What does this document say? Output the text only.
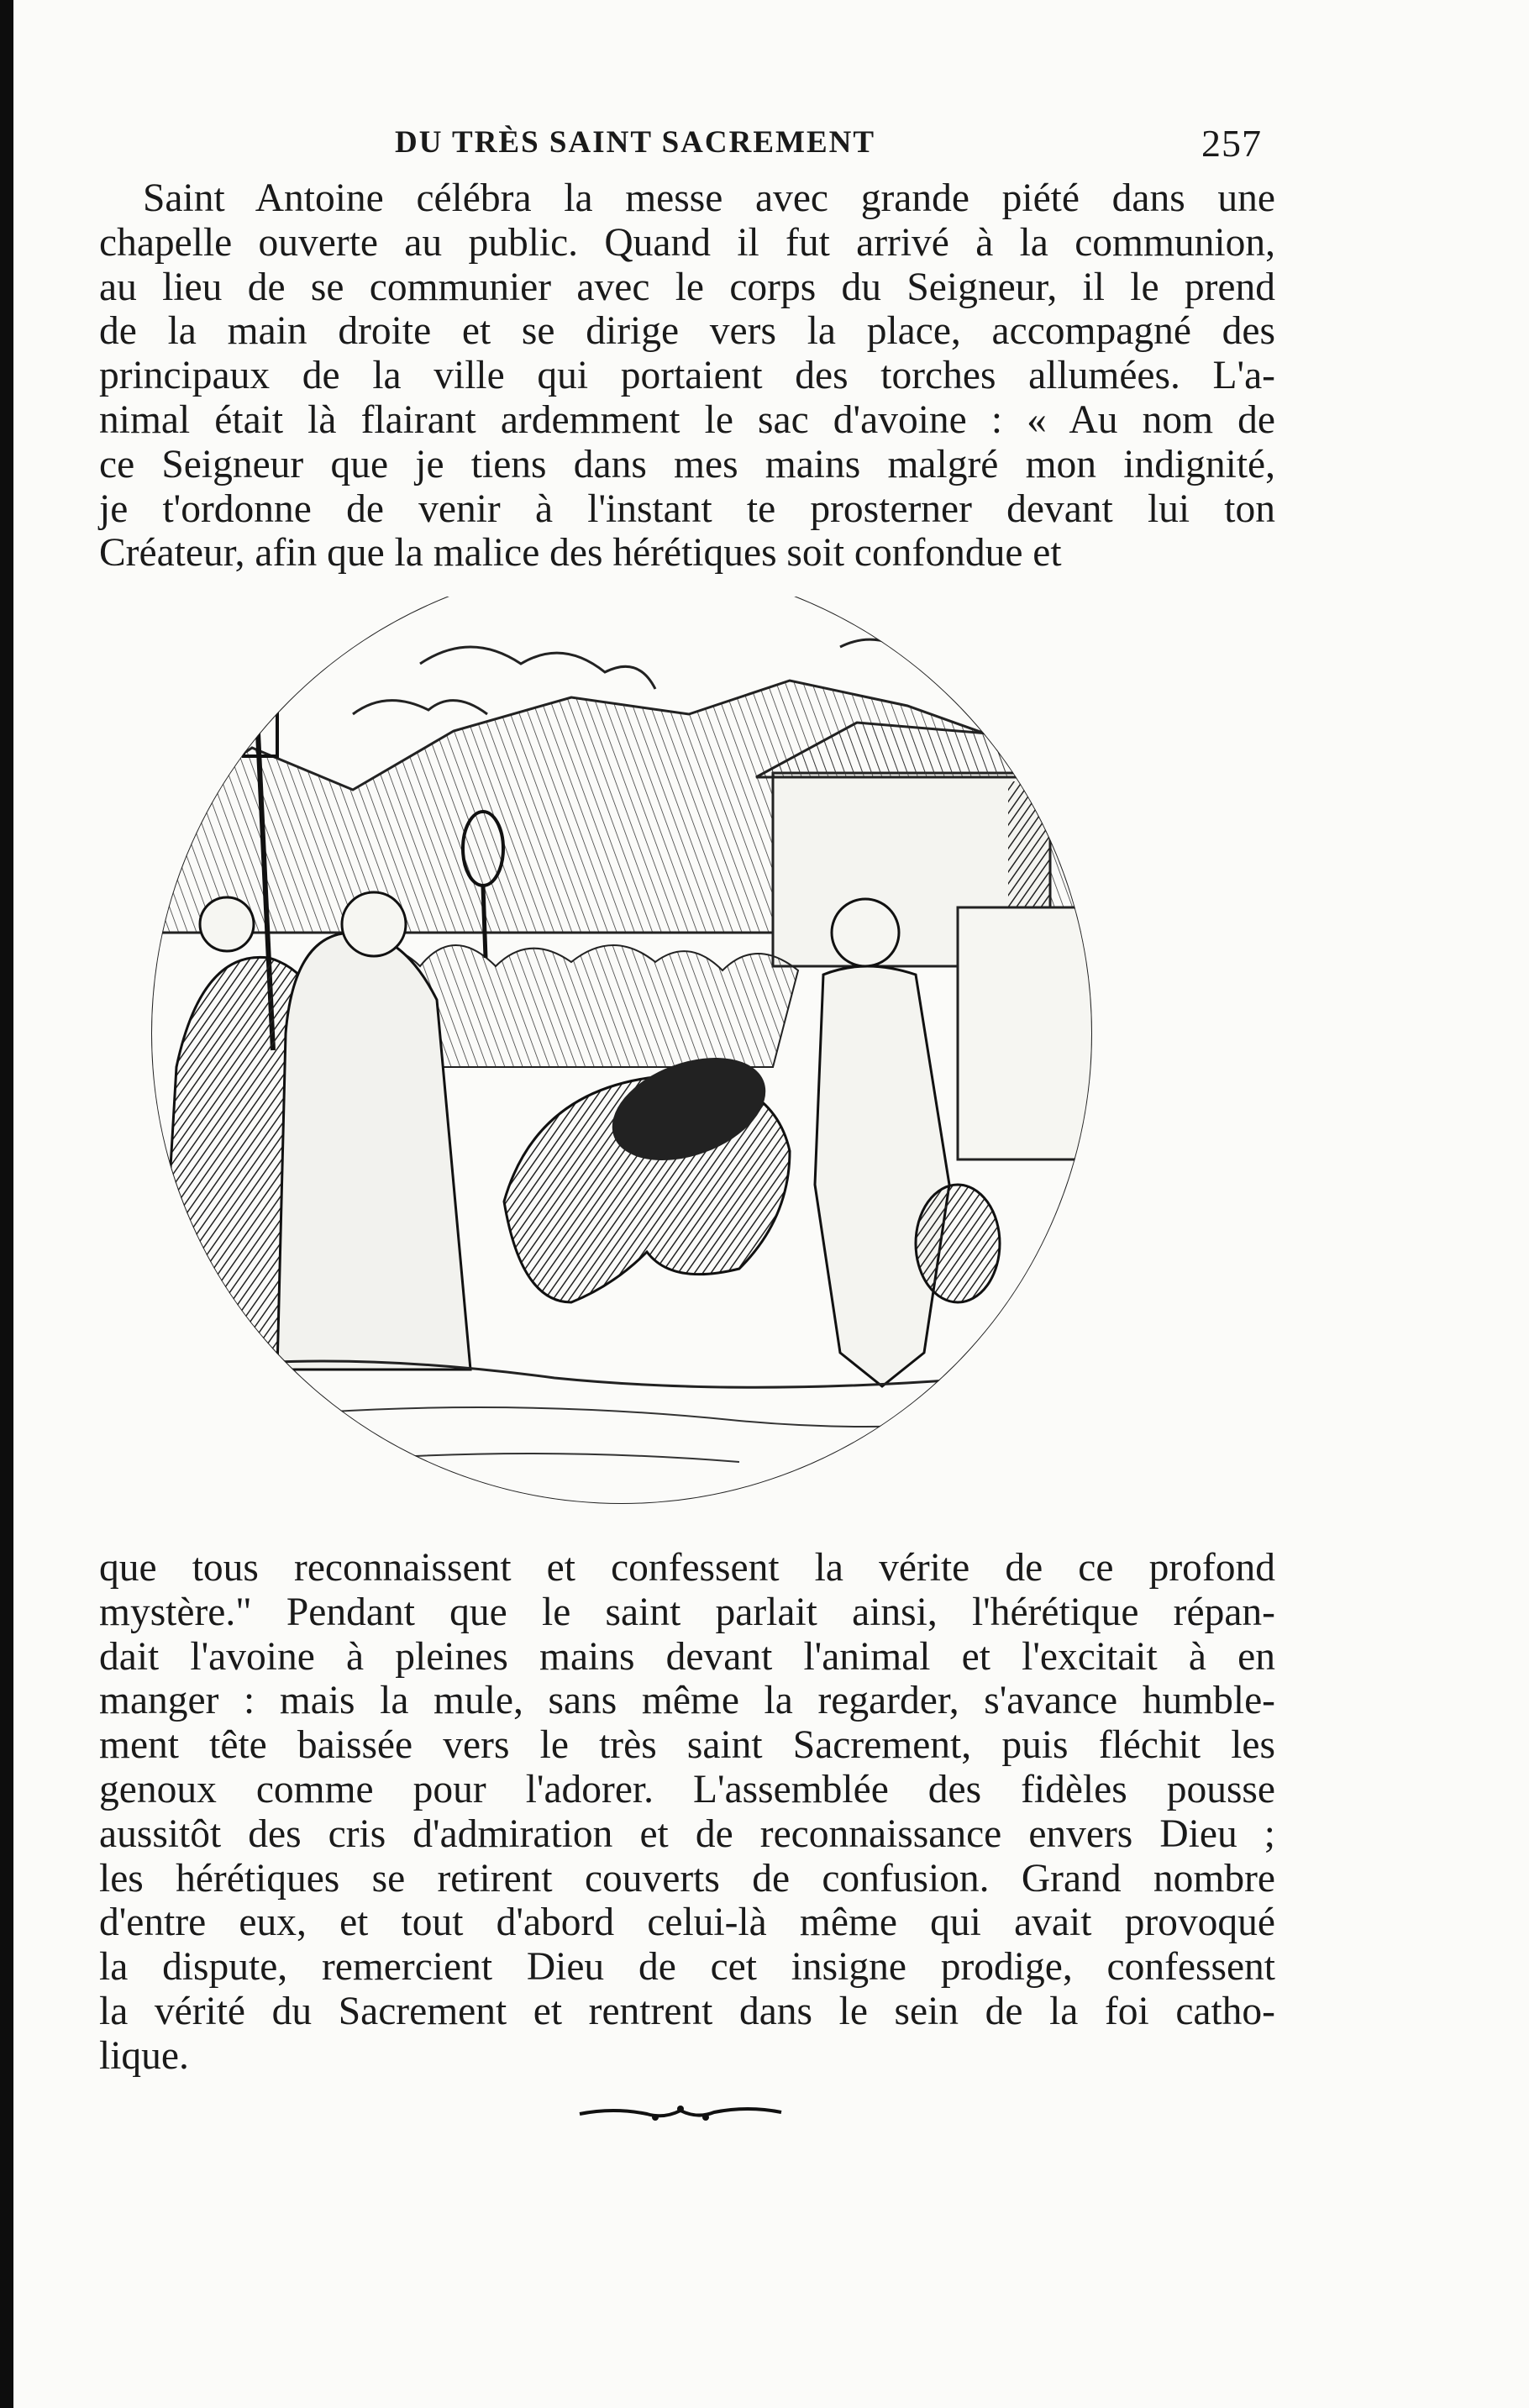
DU TRÈS SAINT SACREMENT	257
Saint Antoine célébra la messe avec grande piété dans une
chapelle ouverte au public. Quand il fut arrivé à la communion,
au lieu de se communier avec le corps du Seigneur, il le prend
de la main droite et se dirige vers la place, accompagné des
principaux de la ville qui portaient des torches allumées. L'a-
nimal était là flairant ardemment le sac d'avoine : « Au nom de
ce Seigneur que je tiens dans mes mains malgré mon indignité,
je t'ordonne de venir à l'instant te prosterner devant lui ton
Créateur, afin que la malice des hérétiques soit confondue et
que tous reconnaissent et confessent la vérite de ce profond
mystère." Pendant que le saint parlait ainsi, l'hérétique répan-
dait l'avoine à pleines mains devant l'animal et l'excitait à en
manger : mais la mule, sans même la regarder, s'avance humble-
ment tête baissée vers le très saint Sacrement, puis fléchit les
genoux comme pour l'adorer. L'assemblée des fidèles pousse
aussitôt des cris d'admiration et de reconnaissance envers Dieu ;
les hérétiques se retirent couverts de confusion. Grand nombre
d'entre eux, et tout d'abord celui-là même qui avait provoqué
la dispute, remercient Dieu de cet insigne prodige, confessent
la vérité du Sacrement et rentrent dans le sein de la foi catho-
lique.
